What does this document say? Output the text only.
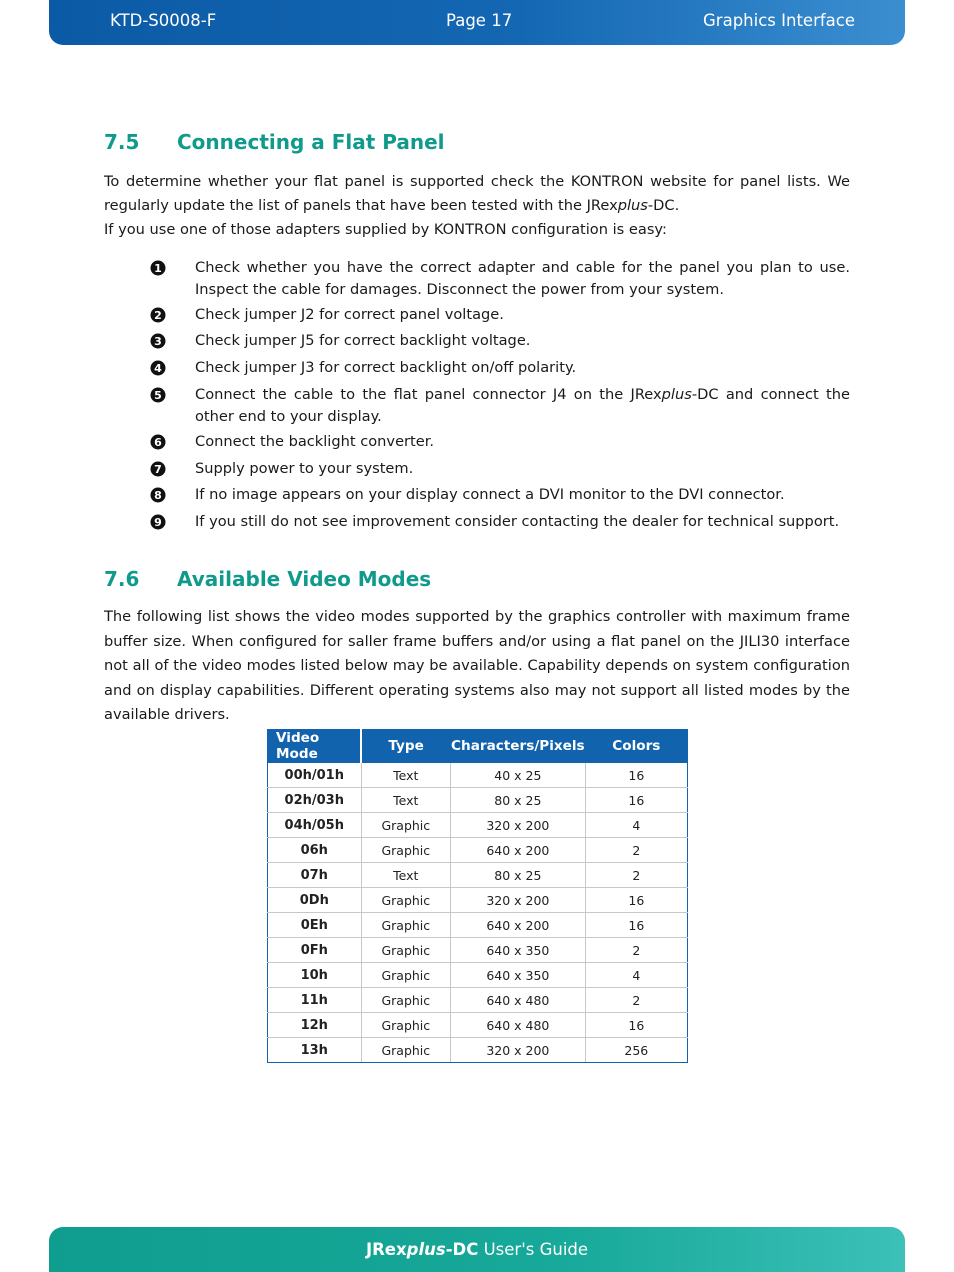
KTD-S0008-F	Page 17	Graphics Interface
7.5 Connecting a Flat Panel
To determine whether your flat panel is supported check the KONTRON website for panel lists. We regularly update the list of panels that have been tested with the JRexplus-DC.
If you use one of those adapters supplied by KONTRON configuration is easy:
1 Check whether you have the correct adapter and cable for the panel you plan to use. Inspect the cable for damages. Disconnect the power from your system.
2 Check jumper J2 for correct panel voltage.
3 Check jumper J5 for correct backlight voltage.
4 Check jumper J3 for correct backlight on/off polarity.
5 Connect the cable to the flat panel connector J4 on the JRexplus-DC and connect the other end to your display.
6 Connect the backlight converter.
7 Supply power to your system.
8 If no image appears on your display connect a DVI monitor to the DVI connector.
9 If you still do not see improvement consider contacting the dealer for technical support.
7.6 Available Video Modes
The following list shows the video modes supported by the graphics controller with maximum frame buffer size. When configured for saller frame buffers and/or using a flat panel on the JILI30 interface not all of the video modes listed below may be available. Capability depends on system configuration and on display capabilities. Different operating systems also may not support all listed modes by the available drivers.
Video Mode	Type	Characters/Pixels	Colors
00h/01h	Text	40 x 25	16
02h/03h	Text	80 x 25	16
04h/05h	Graphic	320 x 200	4
06h	Graphic	640 x 200	2
07h	Text	80 x 25	2
0Dh	Graphic	320 x 200	16
0Eh	Graphic	640 x 200	16
0Fh	Graphic	640 x 350	2
10h	Graphic	640 x 350	4
11h	Graphic	640 x 480	2
12h	Graphic	640 x 480	16
13h	Graphic	320 x 200	256
JRexplus-DC User's Guide
